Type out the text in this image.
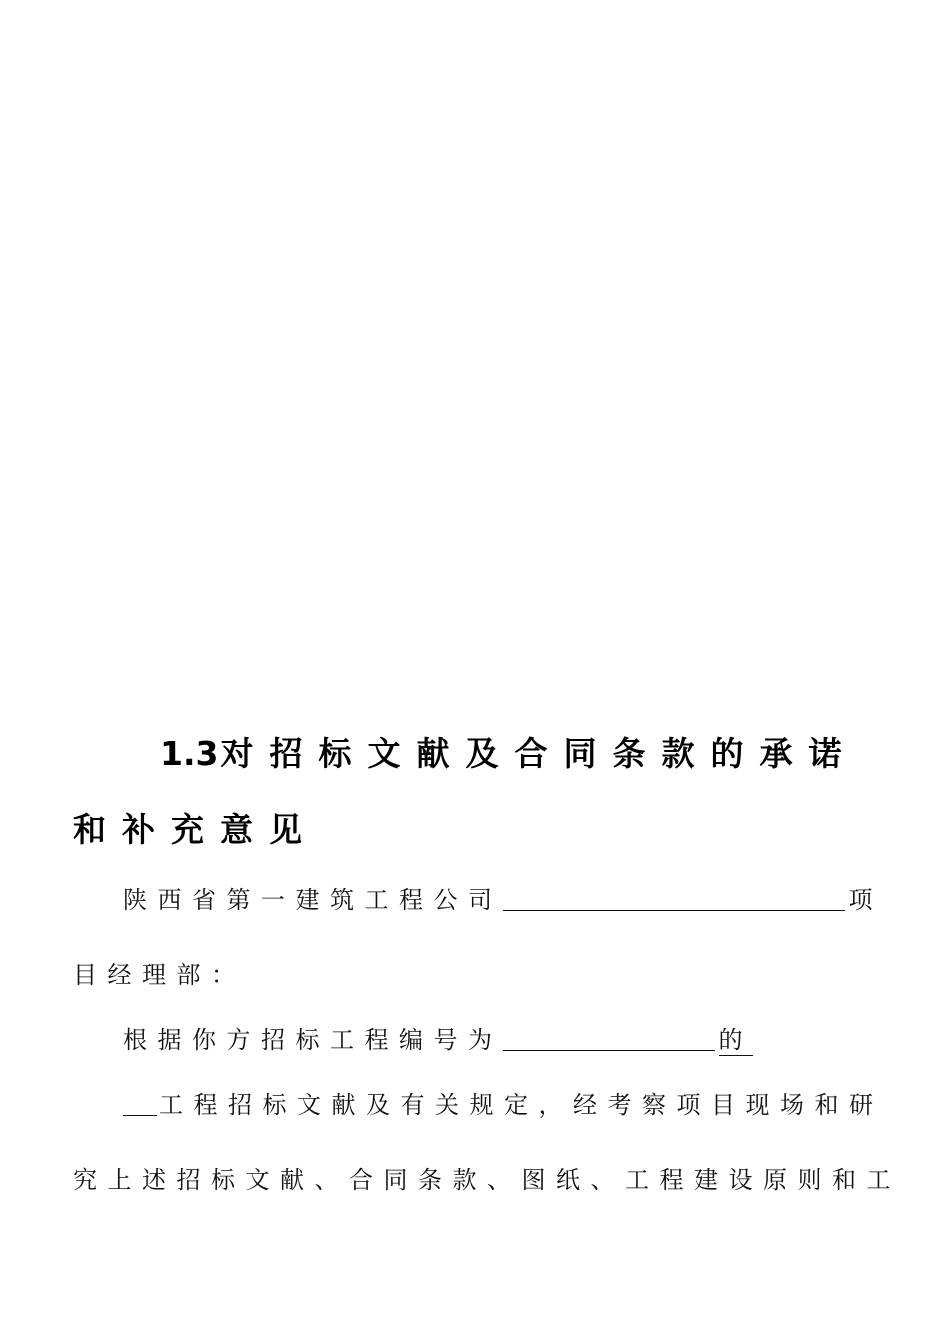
1.3对招标文献及合同条款的承诺
和补充意见
陕西省第一建筑工程公司	项
目经理部：
根据你方招标工程编号为	的
工程招标文献及有关规定，经考察项目现场和研
究上述招标文献、合同条款、图纸、工程建设原则和工
